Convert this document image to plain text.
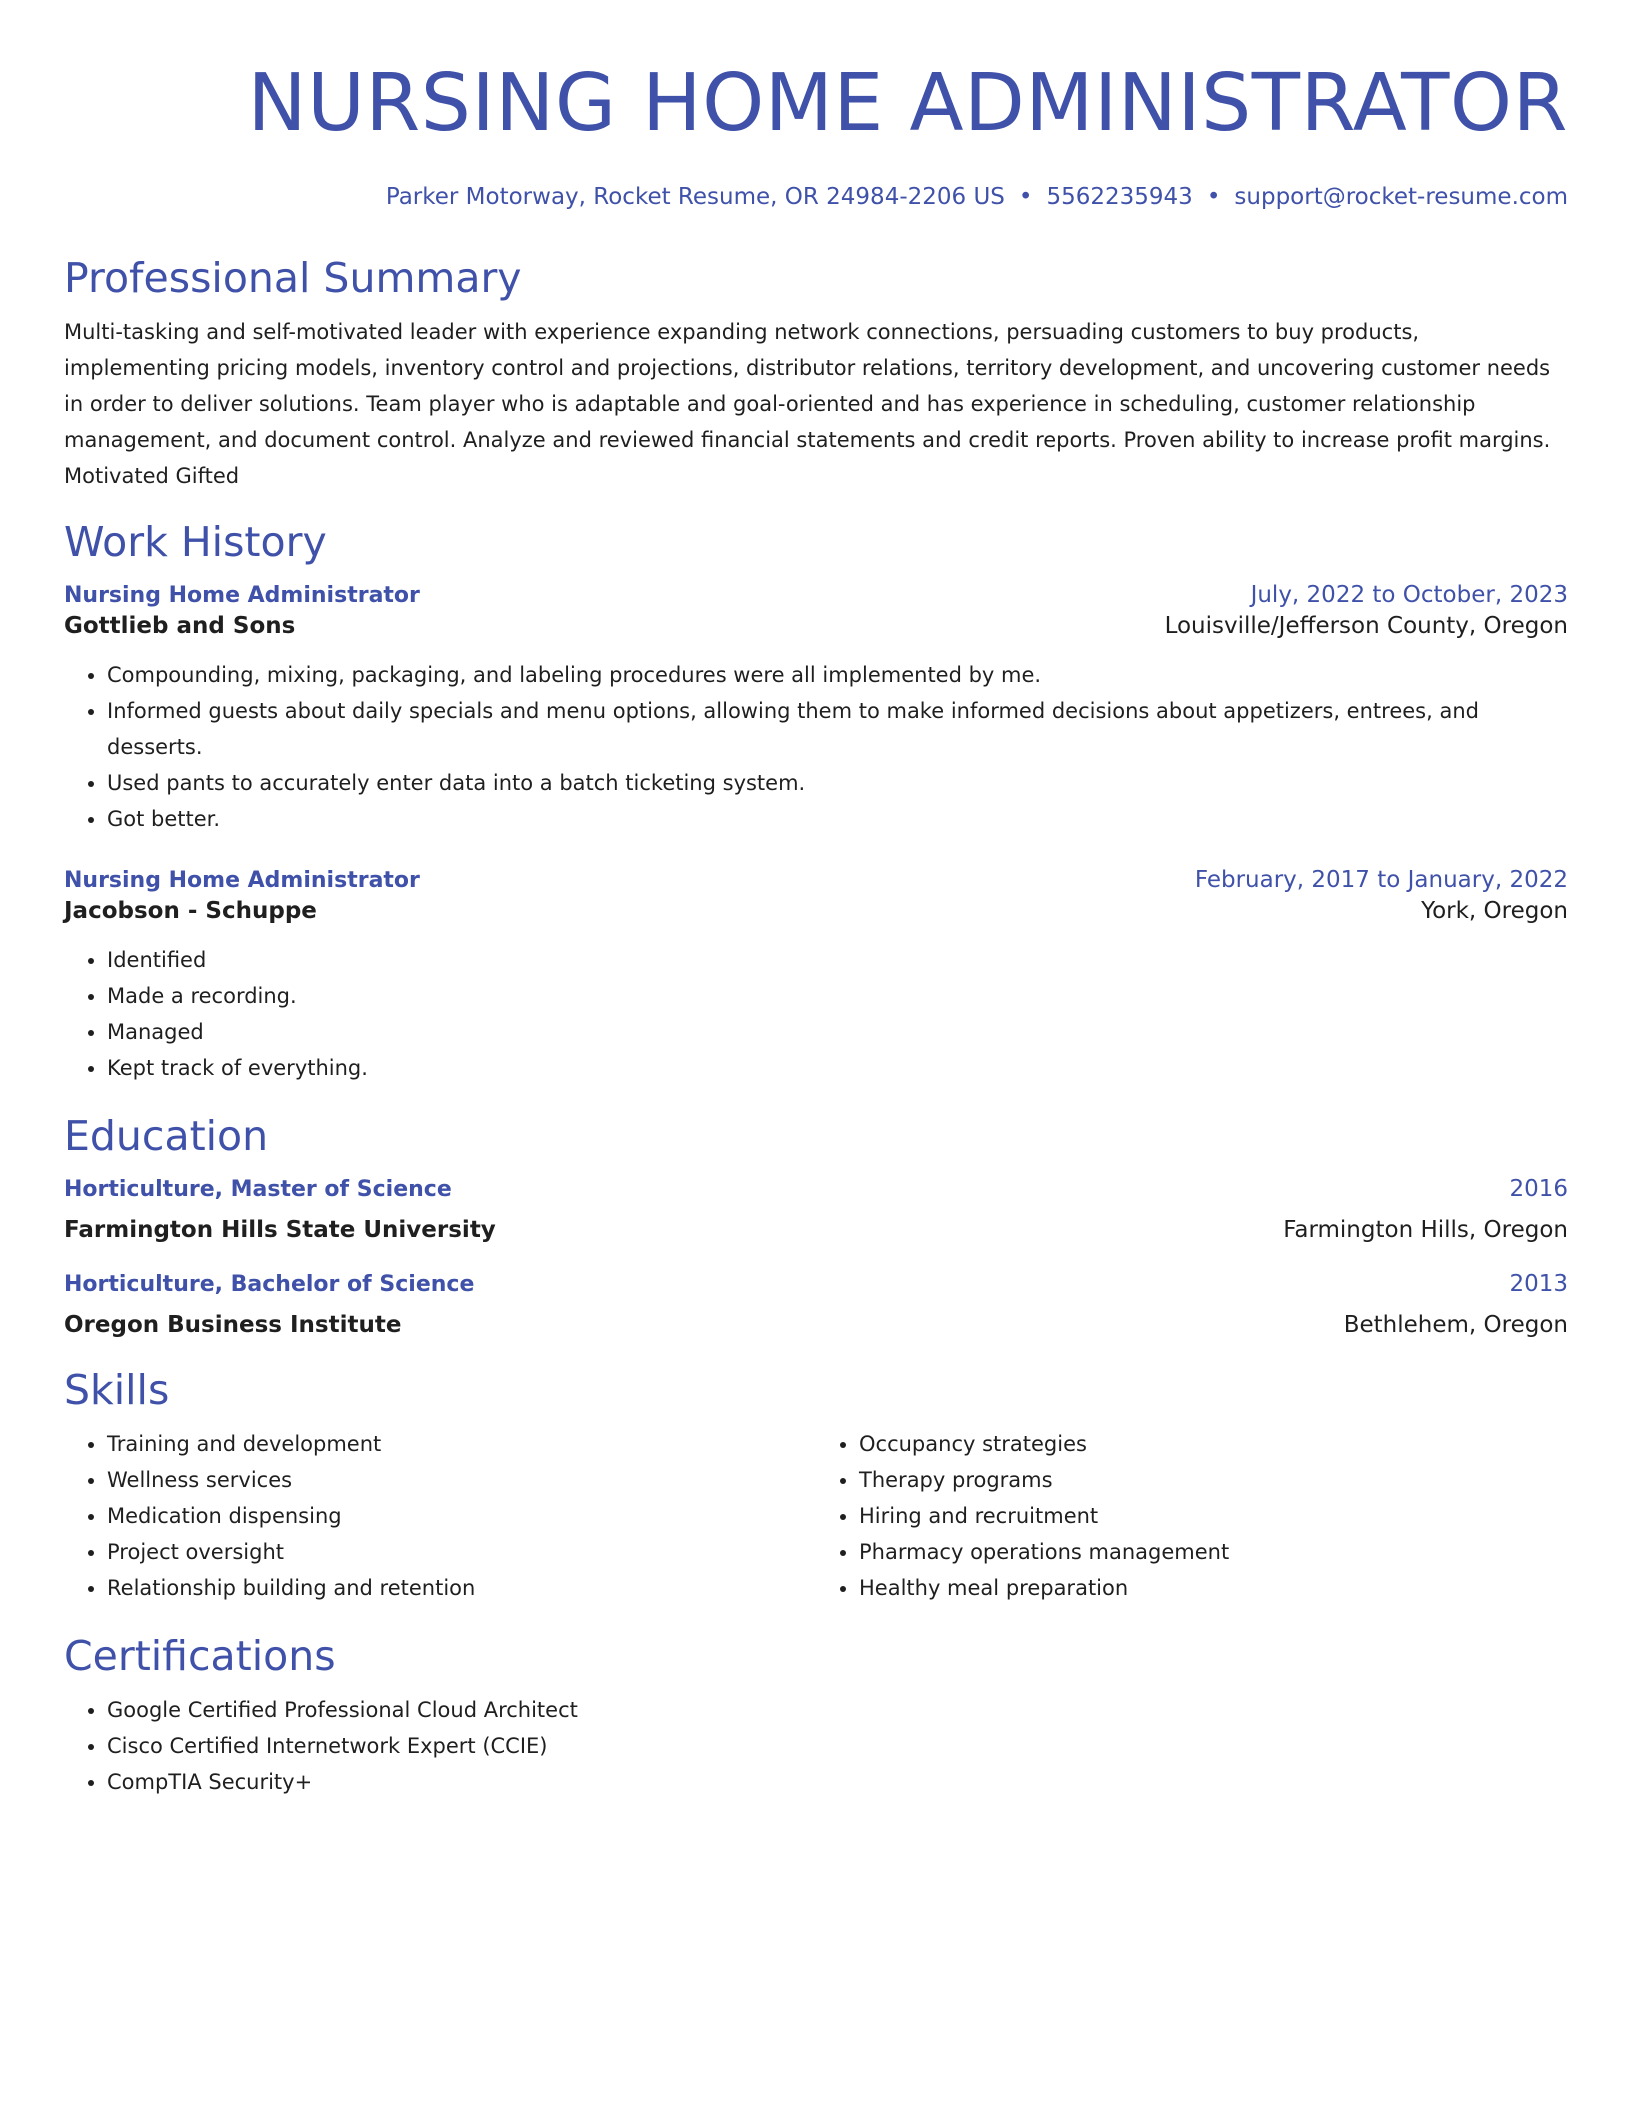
NURSING HOME ADMINISTRATOR
Parker Motorway, Rocket Resume, OR 24984-2206 US • 5562235943 • support@rocket-resume.com
Professional Summary
Multi-tasking and self-motivated leader with experience expanding network connections, persuading customers to buy products, implementing pricing models, inventory control and projections, distributor relations, territory development, and uncovering customer needs in order to deliver solutions. Team player who is adaptable and goal-oriented and has experience in scheduling, customer relationship management, and document control. Analyze and reviewed financial statements and credit reports. Proven ability to increase profit margins. Motivated Gifted
Work History
Nursing Home Administrator	July, 2022 to October, 2023
Gottlieb and Sons	Louisville/Jefferson County, Oregon
• Compounding, mixing, packaging, and labeling procedures were all implemented by me.
• Informed guests about daily specials and menu options, allowing them to make informed decisions about appetizers, entrees, and desserts.
• Used pants to accurately enter data into a batch ticketing system.
• Got better.
Nursing Home Administrator	February, 2017 to January, 2022
Jacobson - Schuppe	York, Oregon
• Identified
• Made a recording.
• Managed
• Kept track of everything.
Education
Horticulture, Master of Science	2016
Farmington Hills State University	Farmington Hills, Oregon
Horticulture, Bachelor of Science	2013
Oregon Business Institute	Bethlehem, Oregon
Skills
• Training and development
• Wellness services
• Medication dispensing
• Project oversight
• Relationship building and retention
• Occupancy strategies
• Therapy programs
• Hiring and recruitment
• Pharmacy operations management
• Healthy meal preparation
Certifications
• Google Certified Professional Cloud Architect
• Cisco Certified Internetwork Expert (CCIE)
• CompTIA Security+
